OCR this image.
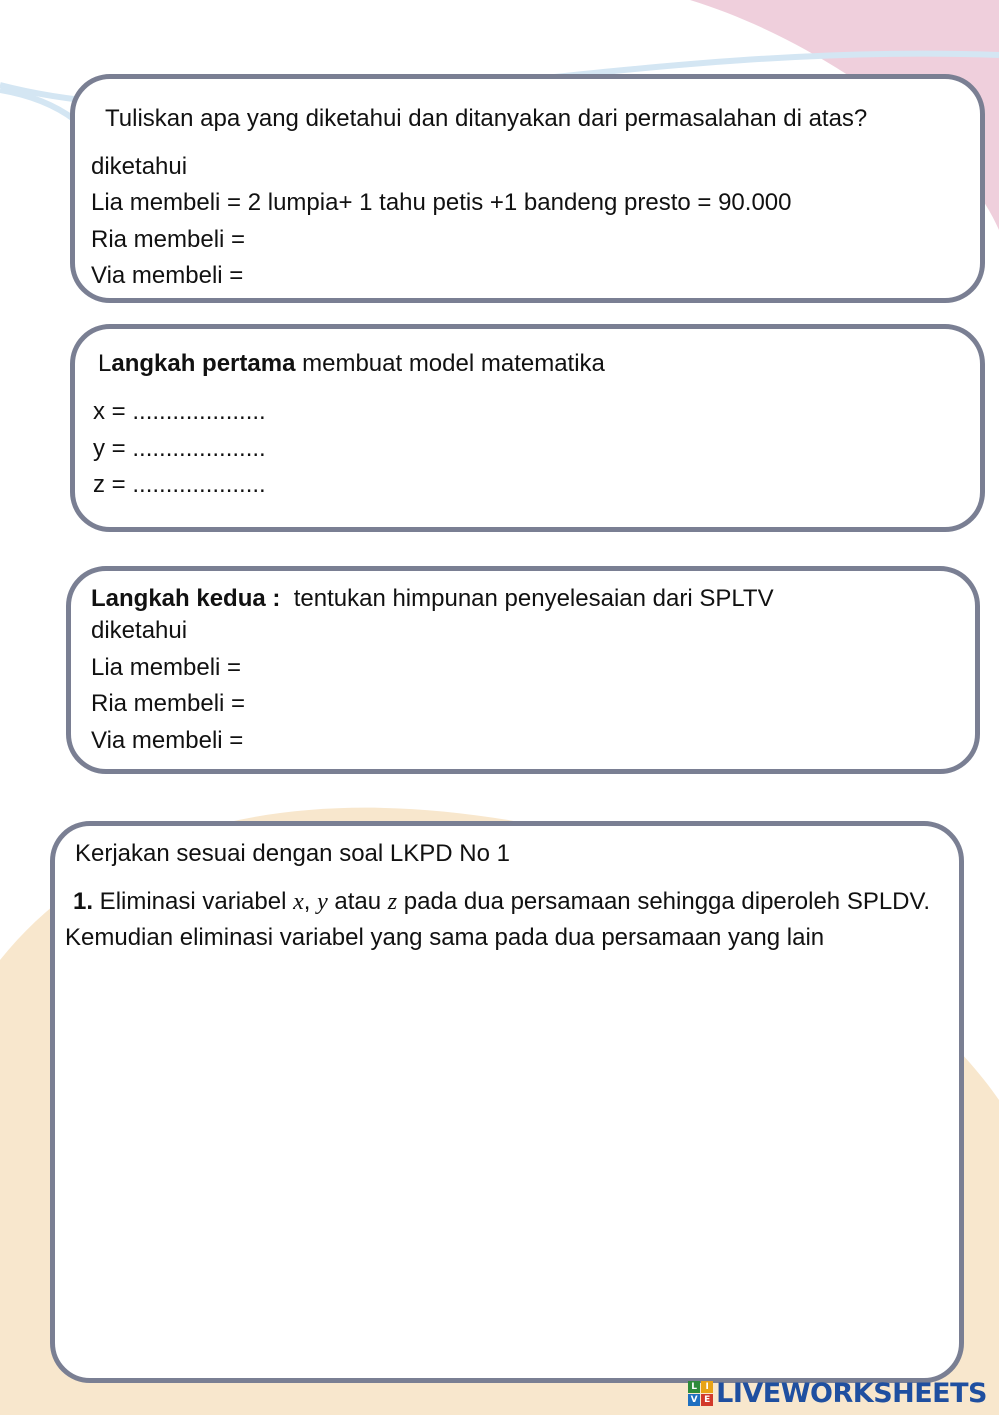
Tuliskan apa yang diketahui dan ditanyakan dari permasalahan di atas?
diketahui
Lia membeli = 2 lumpia+ 1 tahu petis +1 bandeng presto = 90.000
Ria membeli =
Via membeli =
Langkah pertama membuat model matematika
x = ....................
y = ....................
z = ....................
Langkah kedua :  tentukan himpunan penyelesaian dari SPLTV
diketahui
Lia membeli =
Ria membeli =
Via membeli =
Kerjakan sesuai dengan soal LKPD No 1
1. Eliminasi variabel x, y atau z pada dua persamaan sehingga diperoleh SPLDV. Kemudian eliminasi variabel yang sama pada dua persamaan yang lain
L I
V E LIVEWORKSHEETS
